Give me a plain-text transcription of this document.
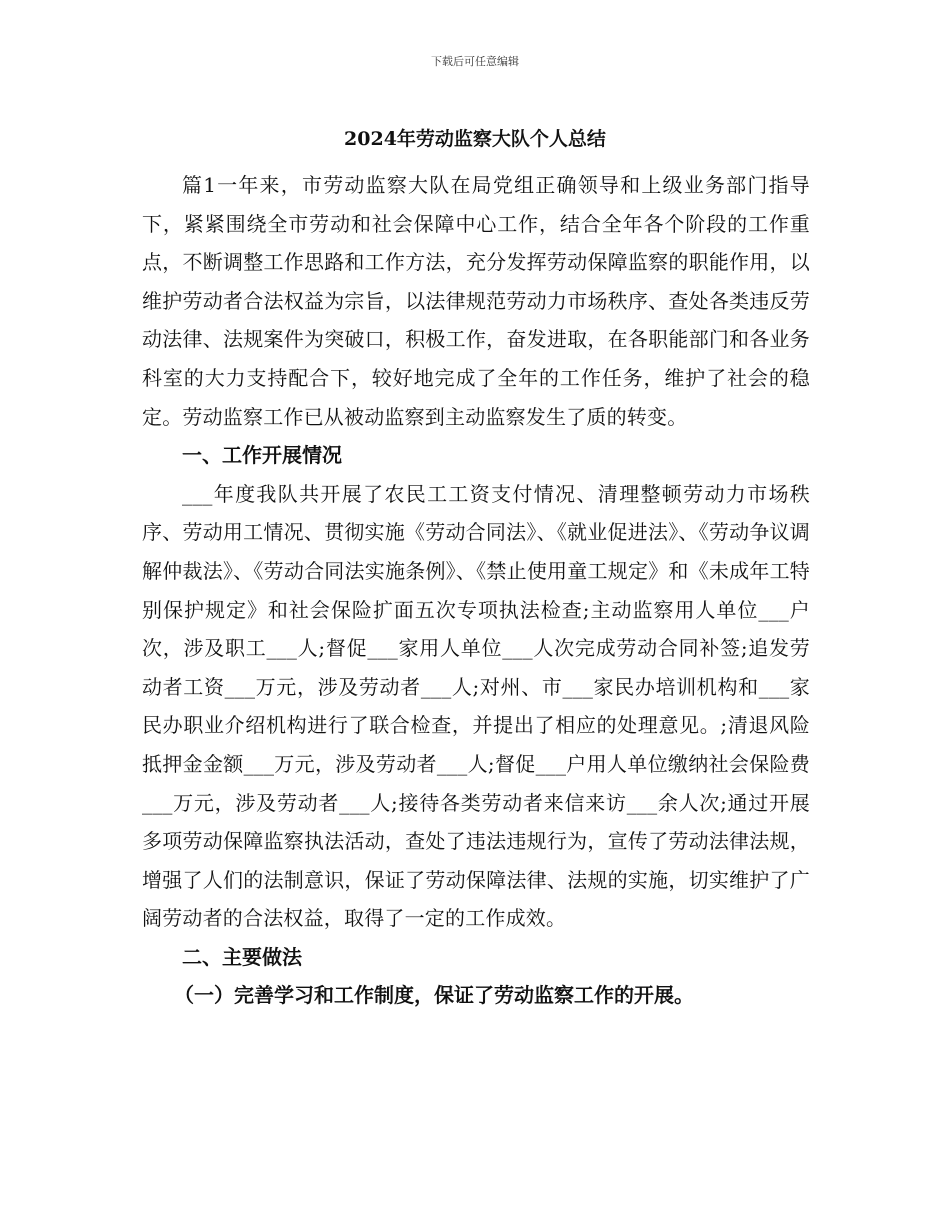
下载后可任意编辑
2024年劳动监察大队个人总结

篇1一年来，市劳动监察大队在局党组正确领导和上级业务部门指导下，紧紧围绕全市劳动和社会保障中心工作，结合全年各个阶段的工作重点，不断调整工作思路和工作方法，充分发挥劳动保障监察的职能作用，以维护劳动者合法权益为宗旨，以法律规范劳动力市场秩序、查处各类违反劳动法律、法规案件为突破口，积极工作，奋发进取，在各职能部门和各业务科室的大力支持配合下，较好地完成了全年的工作任务，维护了社会的稳定。劳动监察工作已从被动监察到主动监察发生了质的转变。

一、工作开展情况

___年度我队共开展了农民工工资支付情况、清理整顿劳动力市场秩序、劳动用工情况、贯彻实施《劳动合同法》、《就业促进法》、《劳动争议调解仲裁法》、《劳动合同法实施条例》、《禁止使用童工规定》和《未成年工特别保护规定》和社会保险扩面五次专项执法检查;主动监察用人单位___户次，涉及职工___人;督促___家用人单位___人次完成劳动合同补签;追发劳动者工资___万元，涉及劳动者___人;对州、市___家民办培训机构和___家民办职业介绍机构进行了联合检查，并提出了相应的处理意见。;清退风险抵押金金额___万元，涉及劳动者___人;督促___户用人单位缴纳社会保险费___万元，涉及劳动者___人;接待各类劳动者来信来访___余人次;通过开展多项劳动保障监察执法活动，查处了违法违规行为，宣传了劳动法律法规，增强了人们的法制意识，保证了劳动保障法律、法规的实施，切实维护了广阔劳动者的合法权益，取得了一定的工作成效。

二、主要做法

（一）完善学习和工作制度，保证了劳动监察工作的开展。
